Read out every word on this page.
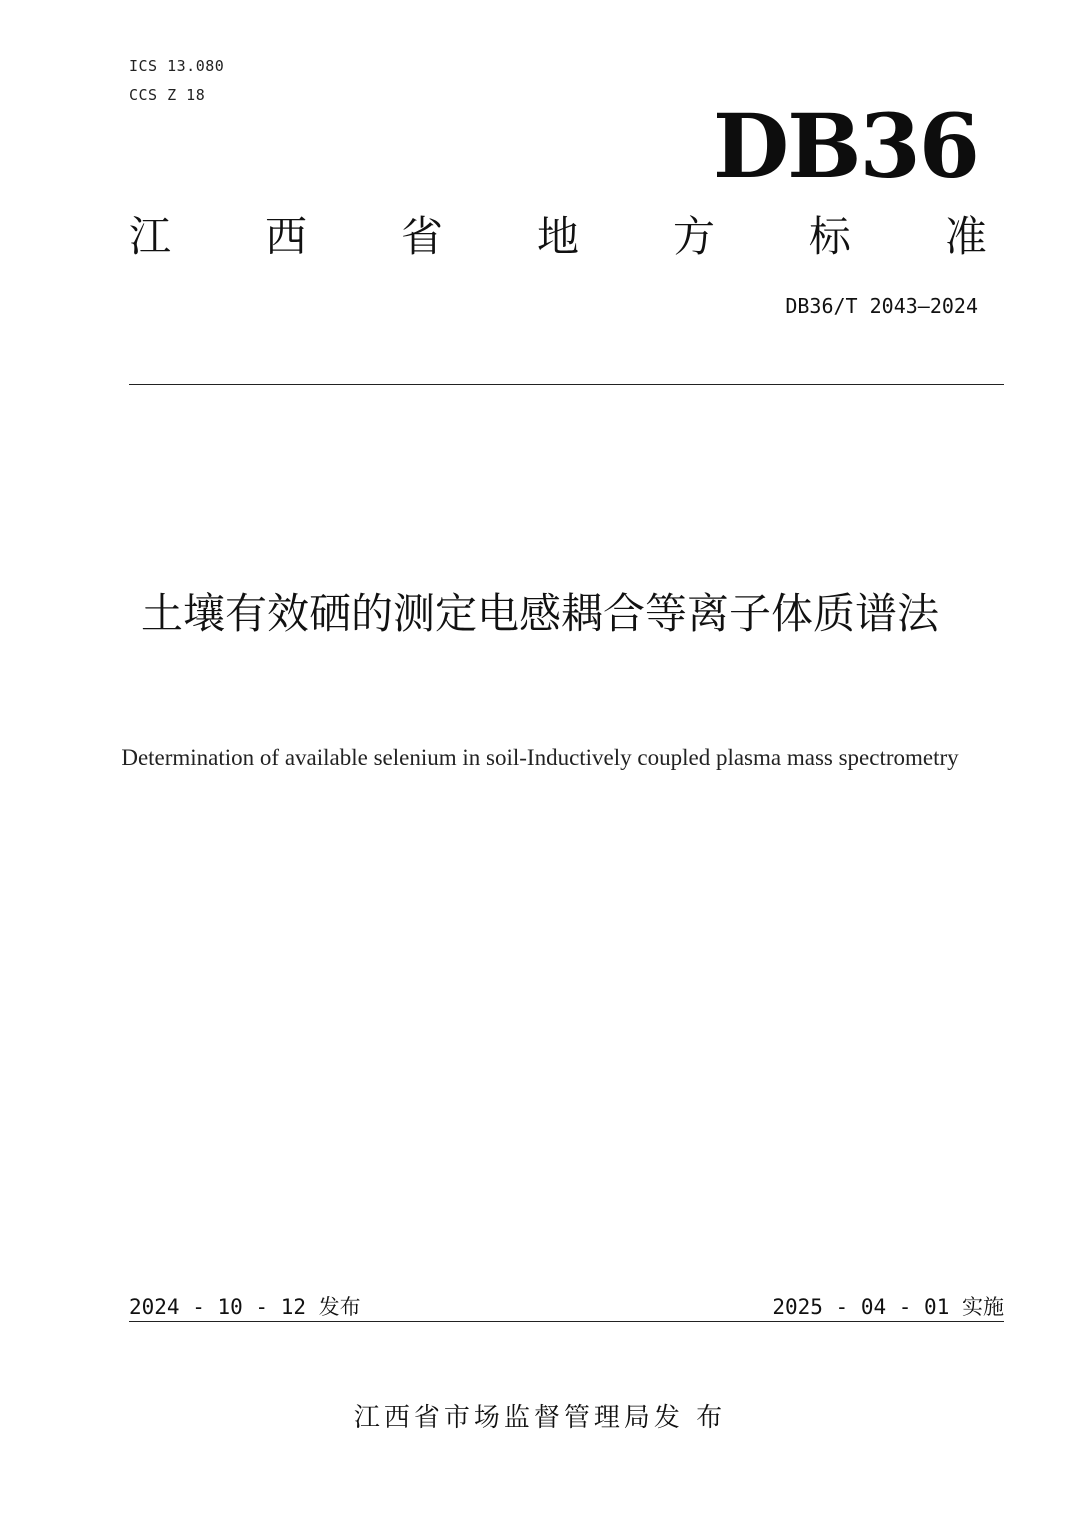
ICS 13.080
CCS Z 18	DB36
江 西 省 地 方 标 准
DB36/T 2043—2024
土壤有效硒的测定电感耦合等离子体质谱法
Determination of available selenium in soil-Inductively coupled plasma mass spectrometry
2024 - 10 - 12 发布	2025 - 04 - 01 实施
江西省市场监督管理局发 布
